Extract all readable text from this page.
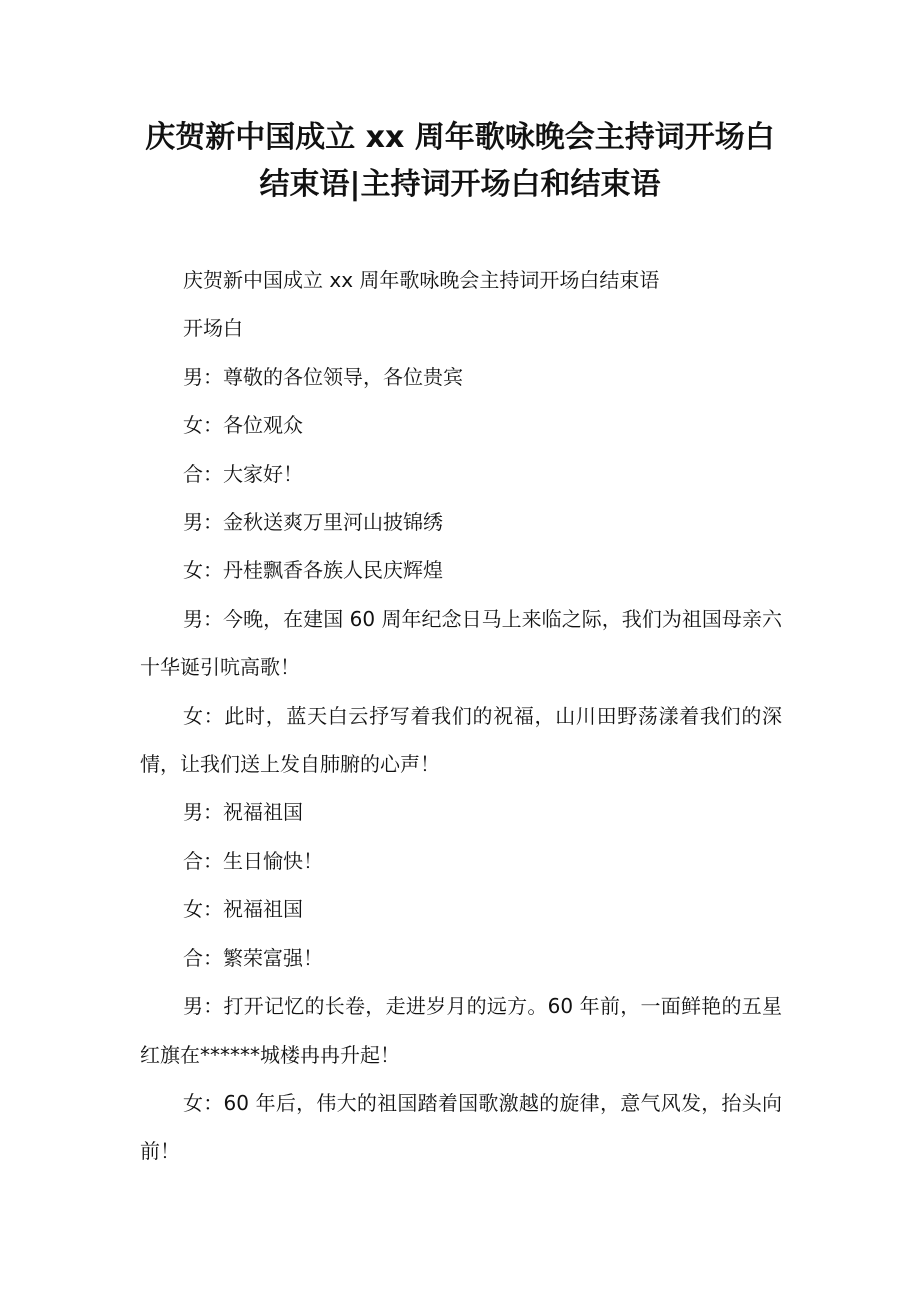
庆贺新中国成立 xx 周年歌咏晚会主持词开场白结束语|主持词开场白和结束语

庆贺新中国成立 xx 周年歌咏晚会主持词开场白结束语

开场白

男：尊敬的各位领导，各位贵宾

女：各位观众

合：大家好！

男：金秋送爽万里河山披锦绣

女：丹桂飘香各族人民庆辉煌

男：今晚，在建国 60 周年纪念日马上来临之际，我们为祖国母亲六十华诞引吭高歌！

女：此时，蓝天白云抒写着我们的祝福，山川田野荡漾着我们的深情，让我们送上发自肺腑的心声！

男：祝福祖国

合：生日愉快！

女：祝福祖国

合：繁荣富强！

男：打开记忆的长卷，走进岁月的远方。60 年前，一面鲜艳的五星红旗在******城楼冉冉升起！

女：60 年后，伟大的祖国踏着国歌激越的旋律，意气风发，抬头向前！
